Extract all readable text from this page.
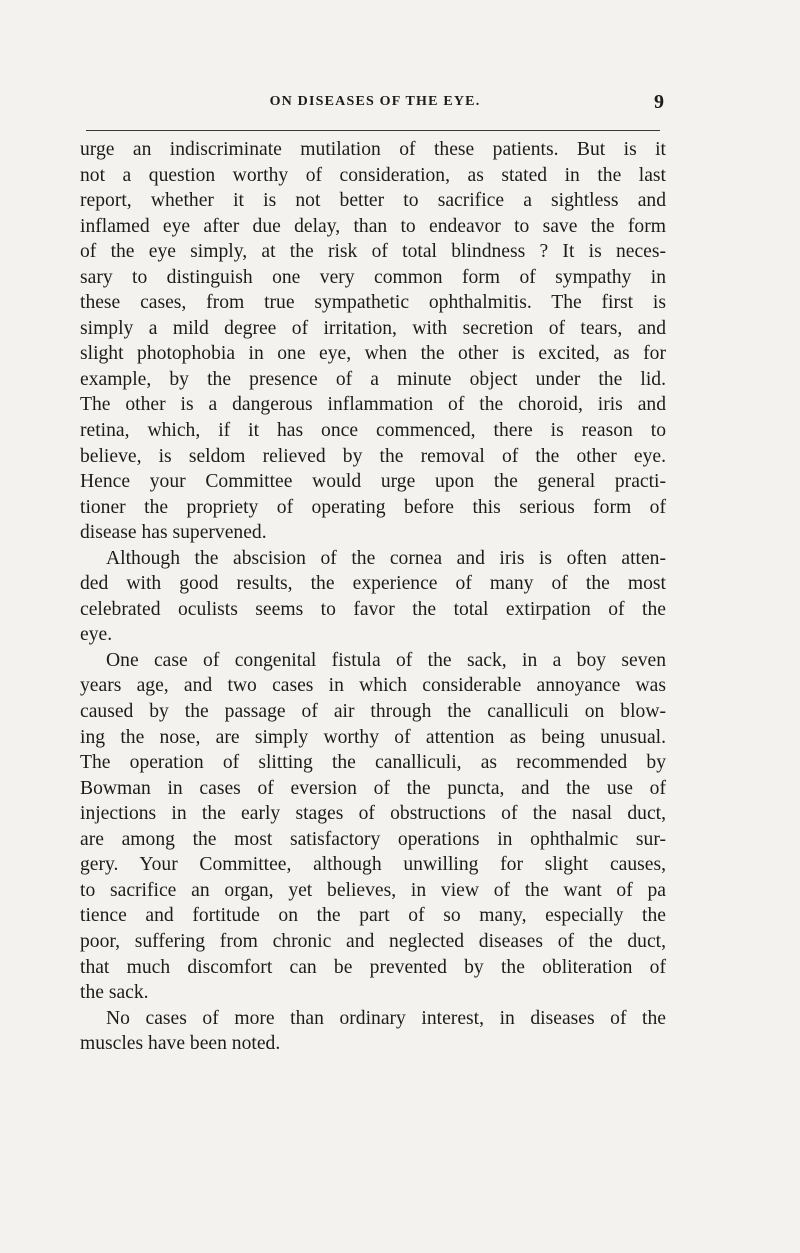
ON DISEASES OF THE EYE.	9
urge an indiscriminate mutilation of these patients. But is it
not a question worthy of consideration, as stated in the last
report, whether it is not better to sacrifice a sightless and
inflamed eye after due delay, than to endeavor to save the form
of the eye simply, at the risk of total blindness ? It is neces-
sary to distinguish one very common form of sympathy in
these cases, from true sympathetic ophthalmitis. The first is
simply a mild degree of irritation, with secretion of tears, and
slight photophobia in one eye, when the other is excited, as for
example, by the presence of a minute object under the lid.
The other is a dangerous inflammation of the choroid, iris and
retina, which, if it has once commenced, there is reason to
believe, is seldom relieved by the removal of the other eye.
Hence your Committee would urge upon the general practi-
tioner the propriety of operating before this serious form of
disease has supervened.
Although the abscision of the cornea and iris is often atten-
ded with good results, the experience of many of the most
celebrated oculists seems to favor the total extirpation of the
eye.
One case of congenital fistula of the sack, in a boy seven
years age, and two cases in which considerable annoyance was
caused by the passage of air through the canalliculi on blow-
ing the nose, are simply worthy of attention as being unusual.
The operation of slitting the canalliculi, as recommended by
Bowman in cases of eversion of the puncta, and the use of
injections in the early stages of obstructions of the nasal duct,
are among the most satisfactory operations in ophthalmic sur-
gery. Your Committee, although unwilling for slight causes,
to sacrifice an organ, yet believes, in view of the want of pa
tience and fortitude on the part of so many, especially the
poor, suffering from chronic and neglected diseases of the duct,
that much discomfort can be prevented by the obliteration of
the sack.
No cases of more than ordinary interest, in diseases of the
muscles have been noted.
